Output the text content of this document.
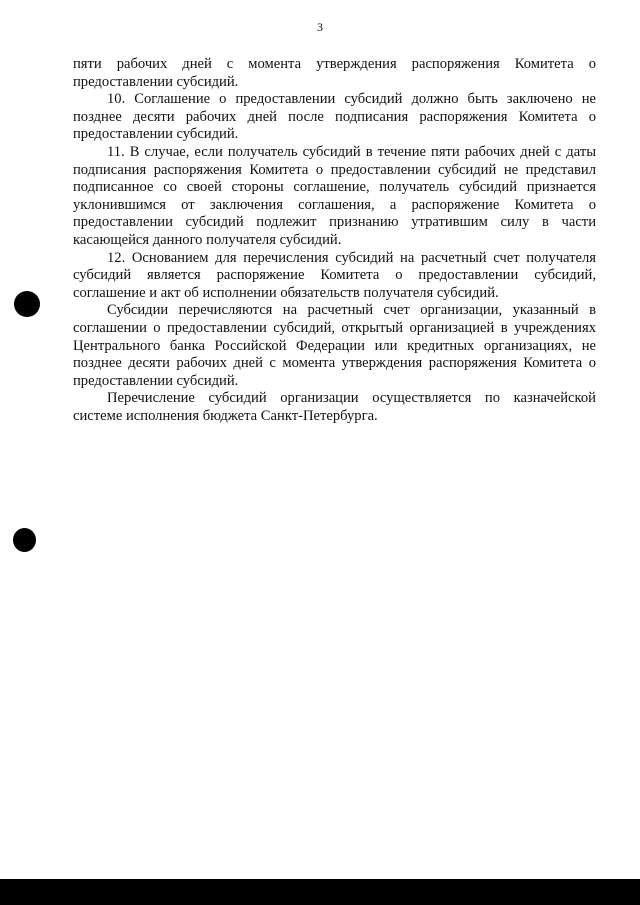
3

пяти рабочих дней с момента утверждения распоряжения Комитета о предоставлении субсидий.

10. Соглашение о предоставлении субсидий должно быть заключено не позднее десяти рабочих дней после подписания распоряжения Комитета о предоставлении субсидий.

11. В случае, если получатель субсидий в течение пяти рабочих дней с даты подписания распоряжения Комитета о предоставлении субсидий не представил подписанное со своей стороны соглашение, получатель субсидий признается уклонившимся от заключения соглашения, а распоряжение Комитета о предоставлении субсидий подлежит признанию утратившим силу в части касающейся данного получателя субсидий.

12. Основанием для перечисления субсидий на расчетный счет получателя субсидий является распоряжение Комитета о предоставлении субсидий, соглашение и акт об исполнении обязательств получателя субсидий.

Субсидии перечисляются на расчетный счет организации, указанный в соглашении о предоставлении субсидий, открытый организацией в учреждениях Центрального банка Российской Федерации или кредитных организациях, не позднее десяти рабочих дней с момента утверждения распоряжения Комитета о предоставлении субсидий.

Перечисление субсидий организации осуществляется по казначейской системе исполнения бюджета Санкт-Петербурга.
